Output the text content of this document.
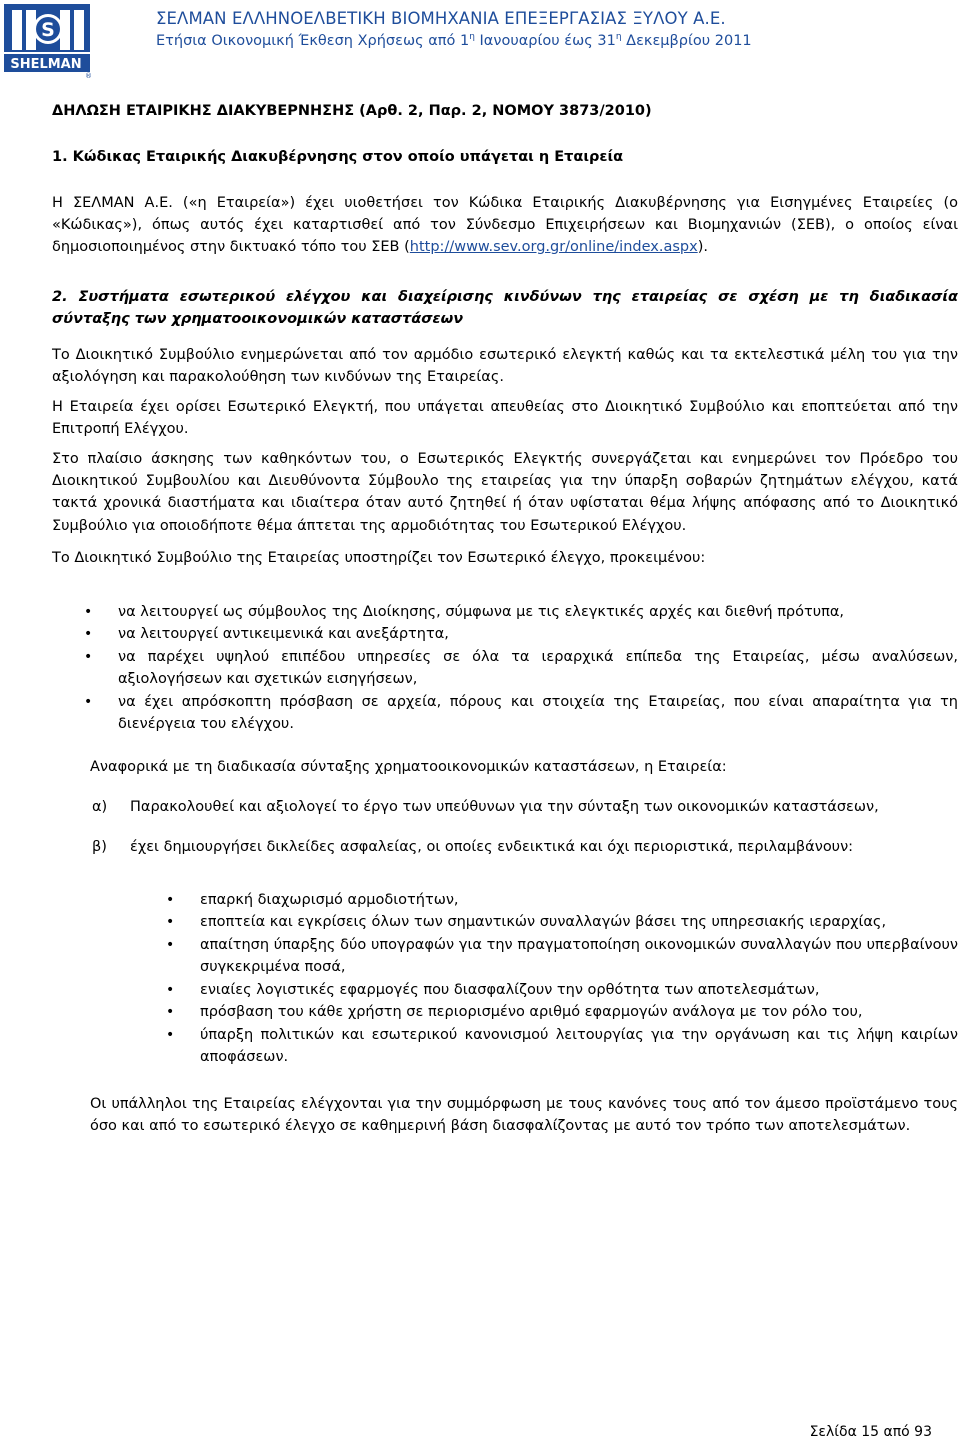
S
SHELMAN
®
ΣΕΛΜΑΝ ΕΛΛΗΝΟΕΛΒΕΤΙΚΗ ΒΙΟΜΗΧΑΝΙΑ ΕΠΕΞΕΡΓΑΣΙΑΣ ΞΥΛΟΥ Α.Ε.
Ετήσια Οικονομική Έκθεση Χρήσεως από $1^\eta$ Ιανουαρίου έως $31^\eta$ Δεκεμβρίου 2011

ΔΗΛΩΣΗ ΕΤΑΙΡΙΚΗΣ ΔΙΑΚΥΒΕΡΝΗΣΗΣ (Αρθ. 2, Παρ. 2, ΝΟΜΟΥ 3873/2010)

1. Κώδικας Εταιρικής Διακυβέρνησης στον οποίο υπάγεται η Εταιρεία

Η ΣΕΛΜΑΝ Α.Ε. («η Εταιρεία») έχει υιοθετήσει τον Κώδικα Εταιρικής Διακυβέρνησης για Εισηγμένες Εταιρείες (ο «Κώδικας»), όπως αυτός έχει καταρτισθεί από τον Σύνδεσμο Επιχειρήσεων και Βιομηχανιών (ΣΕΒ), ο οποίος είναι δημοσιοποιημένος στην δικτυακό τόπο του ΣΕΒ (http://www.sev.org.gr/online/index.aspx).

2. Συστήματα εσωτερικού ελέγχου και διαχείρισης κινδύνων της εταιρείας σε σχέση με τη διαδικασία σύνταξης των χρηματοοικονομικών καταστάσεων

Το Διοικητικό Συμβούλιο ενημερώνεται από τον αρμόδιο εσωτερικό ελεγκτή καθώς και τα εκτελεστικά μέλη του για την αξιολόγηση και παρακολούθηση των κινδύνων της Εταιρείας.

Η Εταιρεία έχει ορίσει Εσωτερικό Ελεγκτή, που υπάγεται απευθείας στο Διοικητικό Συμβούλιο και εποπτεύεται από την Επιτροπή Ελέγχου.

Στο πλαίσιο άσκησης των καθηκόντων του, ο Εσωτερικός Ελεγκτής συνεργάζεται και ενημερώνει τον Πρόεδρο του Διοικητικού Συμβουλίου και Διευθύνοντα Σύμβουλο της εταιρείας για την ύπαρξη σοβαρών ζητημάτων ελέγχου, κατά τακτά χρονικά διαστήματα και ιδιαίτερα όταν αυτό ζητηθεί ή όταν υφίσταται θέμα λήψης απόφασης από το Διοικητικό Συμβούλιο για οποιοδήποτε θέμα άπτεται της αρμοδιότητας του Εσωτερικού Ελέγχου.

Το Διοικητικό Συμβούλιο της Εταιρείας υποστηρίζει τον Εσωτερικό έλεγχο, προκειμένου:

• να λειτουργεί ως σύμβουλος της Διοίκησης, σύμφωνα με τις ελεγκτικές αρχές και διεθνή πρότυπα,
• να λειτουργεί αντικειμενικά και ανεξάρτητα,
• να παρέχει υψηλού επιπέδου υπηρεσίες σε όλα τα ιεραρχικά επίπεδα της Εταιρείας, μέσω αναλύσεων, αξιολογήσεων και σχετικών εισηγήσεων,
• να έχει απρόσκοπτη πρόσβαση σε αρχεία, πόρους και στοιχεία της Εταιρείας, που είναι απαραίτητα για τη διενέργεια του ελέγχου.

Αναφορικά με τη διαδικασία σύνταξης χρηματοοικονομικών καταστάσεων, η Εταιρεία:

α) Παρακολουθεί και αξιολογεί το έργο των υπεύθυνων για την σύνταξη των οικονομικών καταστάσεων,
β) έχει δημιουργήσει δικλείδες ασφαλείας, οι οποίες ενδεικτικά και όχι περιοριστικά, περιλαμβάνουν:
• επαρκή διαχωρισμό αρμοδιοτήτων,
• εποπτεία και εγκρίσεις όλων των σημαντικών συναλλαγών βάσει της υπηρεσιακής ιεραρχίας,
• απαίτηση ύπαρξης δύο υπογραφών για την πραγματοποίηση οικονομικών συναλλαγών που υπερβαίνουν συγκεκριμένα ποσά,
• ενιαίες λογιστικές εφαρμογές που διασφαλίζουν την ορθότητα των αποτελεσμάτων,
• πρόσβαση του κάθε χρήστη σε περιορισμένο αριθμό εφαρμογών ανάλογα με τον ρόλο του,
• ύπαρξη πολιτικών και εσωτερικού κανονισμού λειτουργίας για την οργάνωση και τις λήψη καιρίων αποφάσεων.

Οι υπάλληλοι της Εταιρείας ελέγχονται για την συμμόρφωση με τους κανόνες τους από τον άμεσο προϊστάμενο τους όσο και από το εσωτερικό έλεγχο σε καθημερινή βάση διασφαλίζοντας με αυτό τον τρόπο των αποτελεσμάτων.

Σελίδα 15 από 93
